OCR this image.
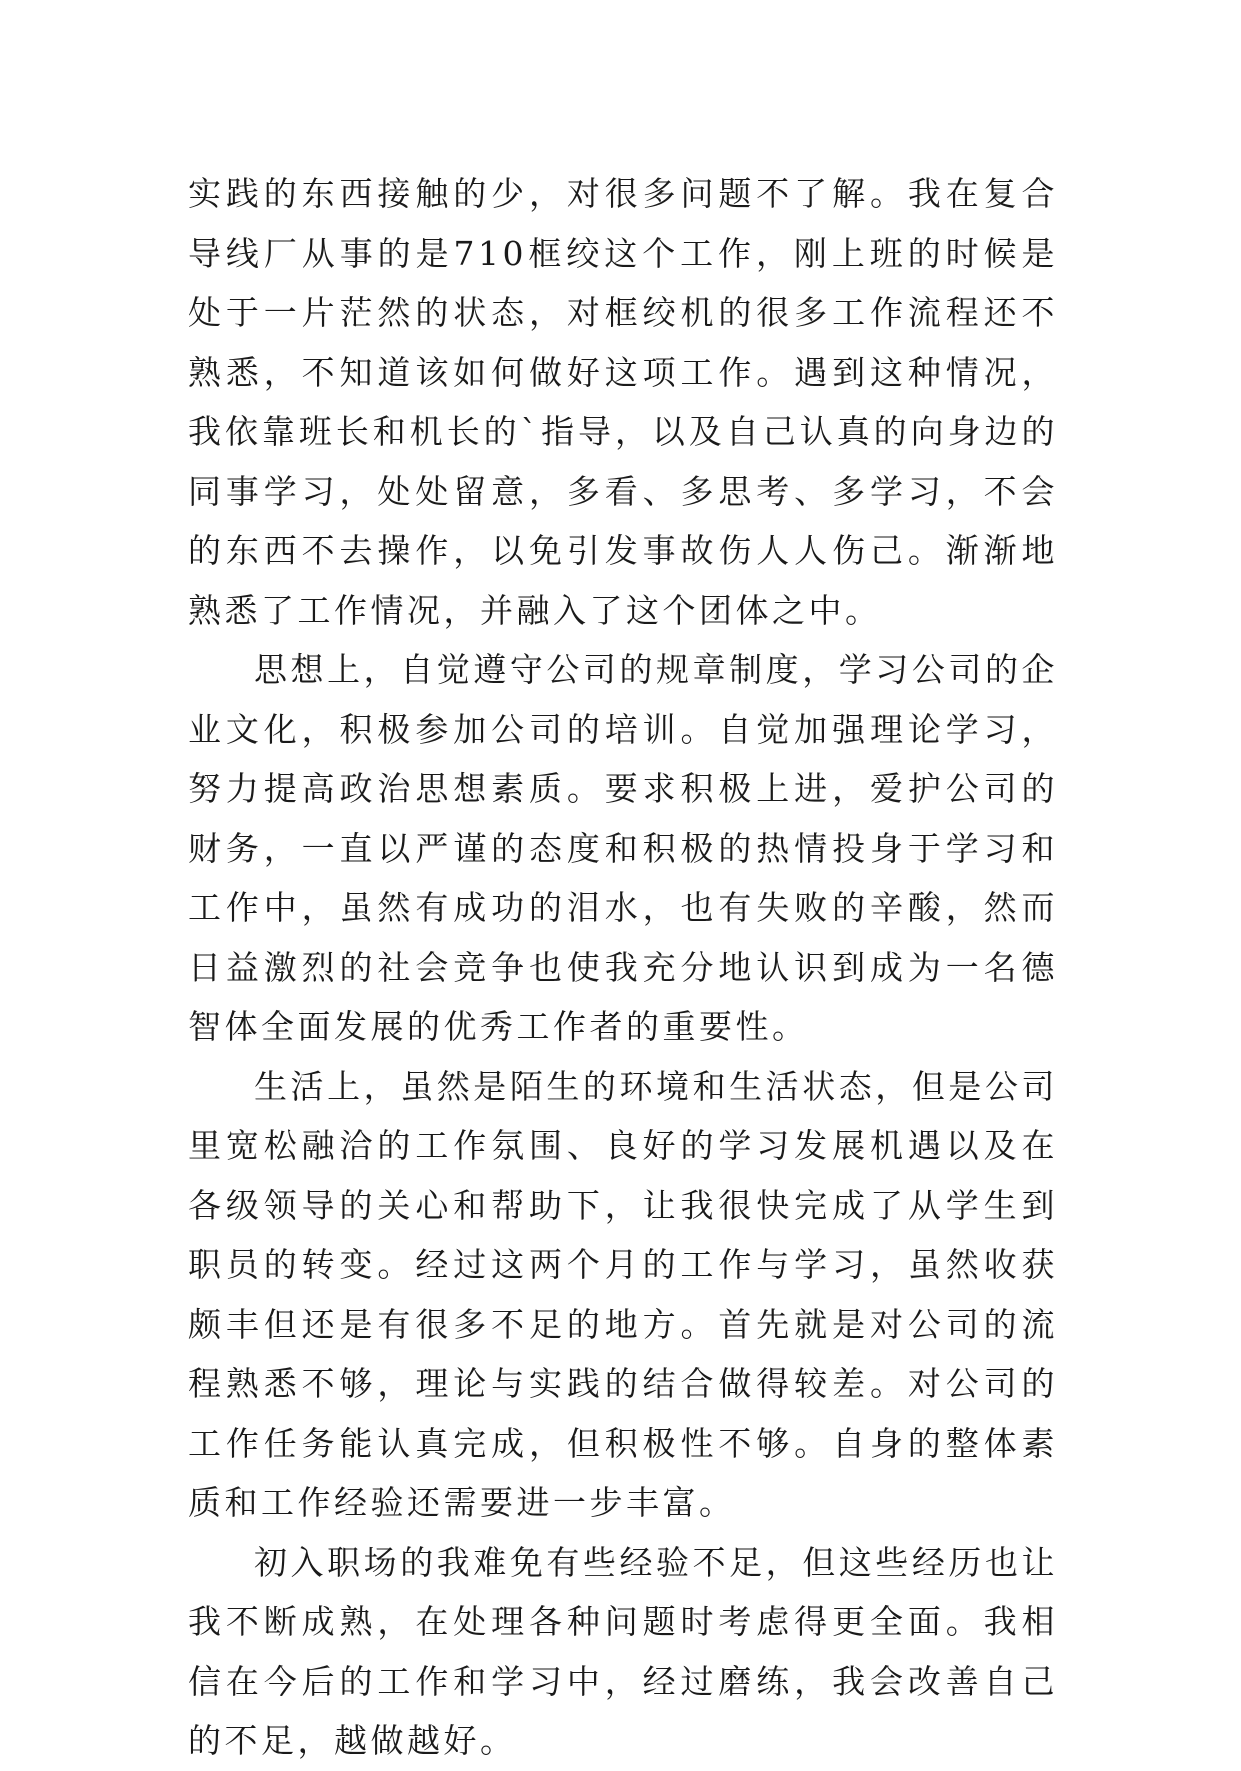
实践的东西接触的少，对很多问题不了解。我在复合导线厂从事的是710框绞这个工作，刚上班的时候是处于一片茫然的状态，对框绞机的很多工作流程还不熟悉，不知道该如何做好这项工作。遇到这种情况，我依靠班长和机长的`指导，以及自己认真的向身边的同事学习，处处留意，多看、多思考、多学习，不会的东西不去操作，以免引发事故伤人人伤己。渐渐地熟悉了工作情况，并融入了这个团体之中。

思想上，自觉遵守公司的规章制度，学习公司的企业文化，积极参加公司的培训。自觉加强理论学习，努力提高政治思想素质。要求积极上进，爱护公司的财务，一直以严谨的态度和积极的热情投身于学习和工作中，虽然有成功的泪水，也有失败的辛酸，然而日益激烈的社会竞争也使我充分地认识到成为一名德智体全面发展的优秀工作者的重要性。

生活上，虽然是陌生的环境和生活状态，但是公司里宽松融洽的工作氛围、良好的学习发展机遇以及在各级领导的关心和帮助下，让我很快完成了从学生到职员的转变。经过这两个月的工作与学习，虽然收获颇丰但还是有很多不足的地方。首先就是对公司的流程熟悉不够，理论与实践的结合做得较差。对公司的工作任务能认真完成，但积极性不够。自身的整体素质和工作经验还需要进一步丰富。

初入职场的我难免有些经验不足，但这些经历也让我不断成熟，在处理各种问题时考虑得更全面。我相信在今后的工作和学习中，经过磨练，我会改善自己的不足，越做越好。
